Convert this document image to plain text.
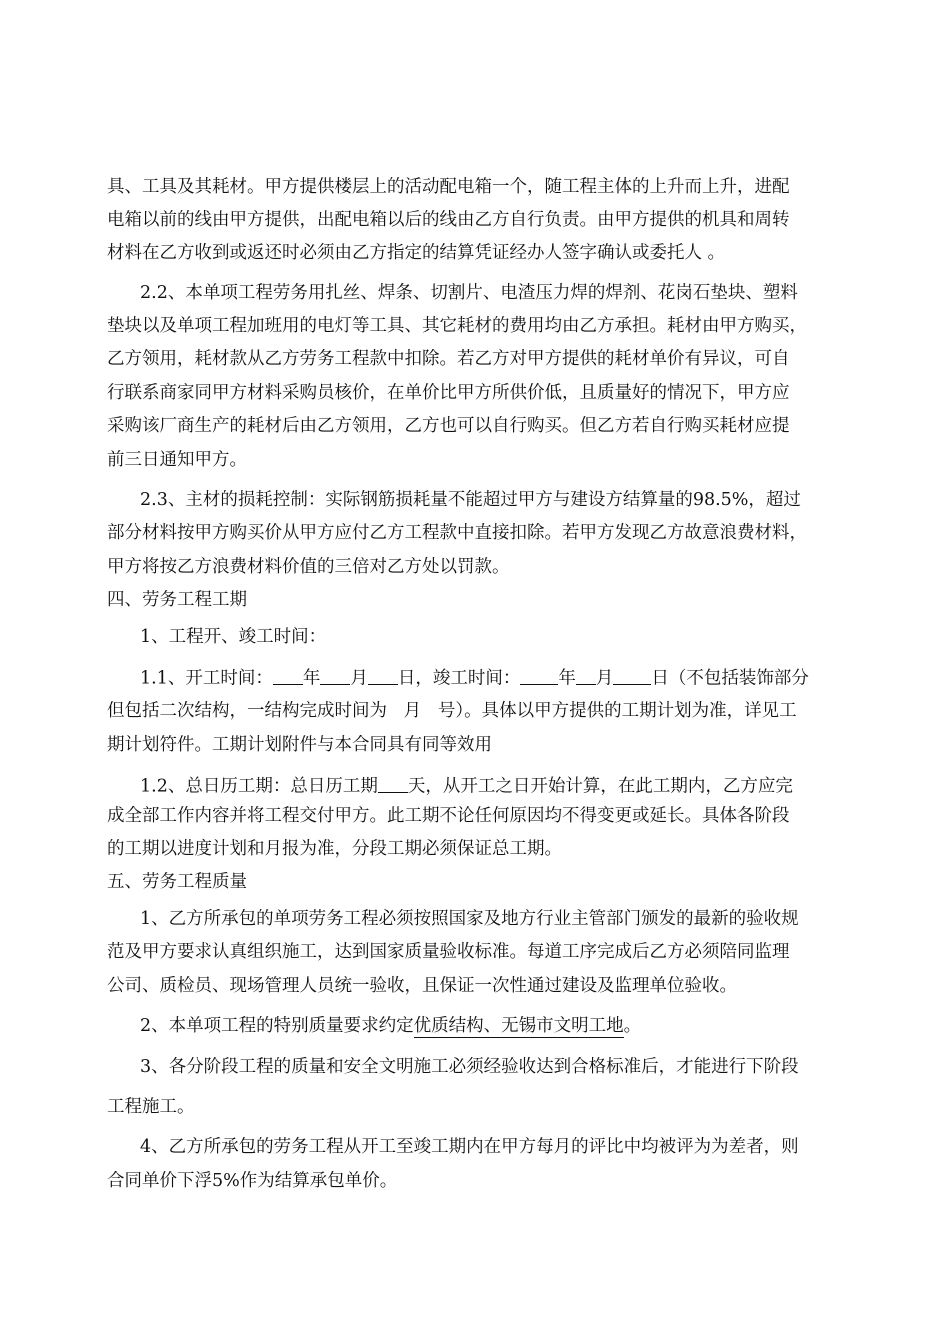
具、工具及其耗材。甲方提供楼层上的活动配电箱一个，随工程主体的上升而上升，进配
电箱以前的线由甲方提供，出配电箱以后的线由乙方自行负责。由甲方提供的机具和周转
材料在乙方收到或返还时必须由乙方指定的结算凭证经办人签字确认或委托人 。
2.2、本单项工程劳务用扎丝、焊条、切割片、电渣压力焊的焊剂、花岗石垫块、塑料
垫块以及单项工程加班用的电灯等工具、其它耗材的费用均由乙方承担。耗材由甲方购买，
乙方领用，耗材款从乙方劳务工程款中扣除。若乙方对甲方提供的耗材单价有异议，可自
行联系商家同甲方材料采购员核价，在单价比甲方所供价低，且质量好的情况下，甲方应
采购该厂商生产的耗材后由乙方领用，乙方也可以自行购买。但乙方若自行购买耗材应提
前三日通知甲方。
2.3、主材的损耗控制：实际钢筋损耗量不能超过甲方与建设方结算量的98.5%，超过
部分材料按甲方购买价从甲方应付乙方工程款中直接扣除。若甲方发现乙方故意浪费材料，
甲方将按乙方浪费材料价值的三倍对乙方处以罚款。
四、劳务工程工期
1、工程开、竣工时间：
1.1、开工时间： 年 月 日，竣工时间： 年 月 日（不包括装饰部分
但包括二次结构，一结构完成时间为   月   号）。具体以甲方提供的工期计划为准，详见工
期计划符件。工期计划附件与本合同具有同等效用
1.2、总日历工期：总日历工期 天，从开工之日开始计算，在此工期内，乙方应完
成全部工作内容并将工程交付甲方。此工期不论任何原因均不得变更或延长。具体各阶段
的工期以进度计划和月报为准，分段工期必须保证总工期。
五、劳务工程质量
1、乙方所承包的单项劳务工程必须按照国家及地方行业主管部门颁发的最新的验收规
范及甲方要求认真组织施工，达到国家质量验收标准。每道工序完成后乙方必须陪同监理
公司、质检员、现场管理人员统一验收，且保证一次性通过建设及监理单位验收。
2、本单项工程的特别质量要求约定优质结构、无锡市文明工地。
3、各分阶段工程的质量和安全文明施工必须经验收达到合格标准后，才能进行下阶段
工程施工。
4、乙方所承包的劳务工程从开工至竣工期内在甲方每月的评比中均被评为为差者，则
合同单价下浮5%作为结算承包单价。
